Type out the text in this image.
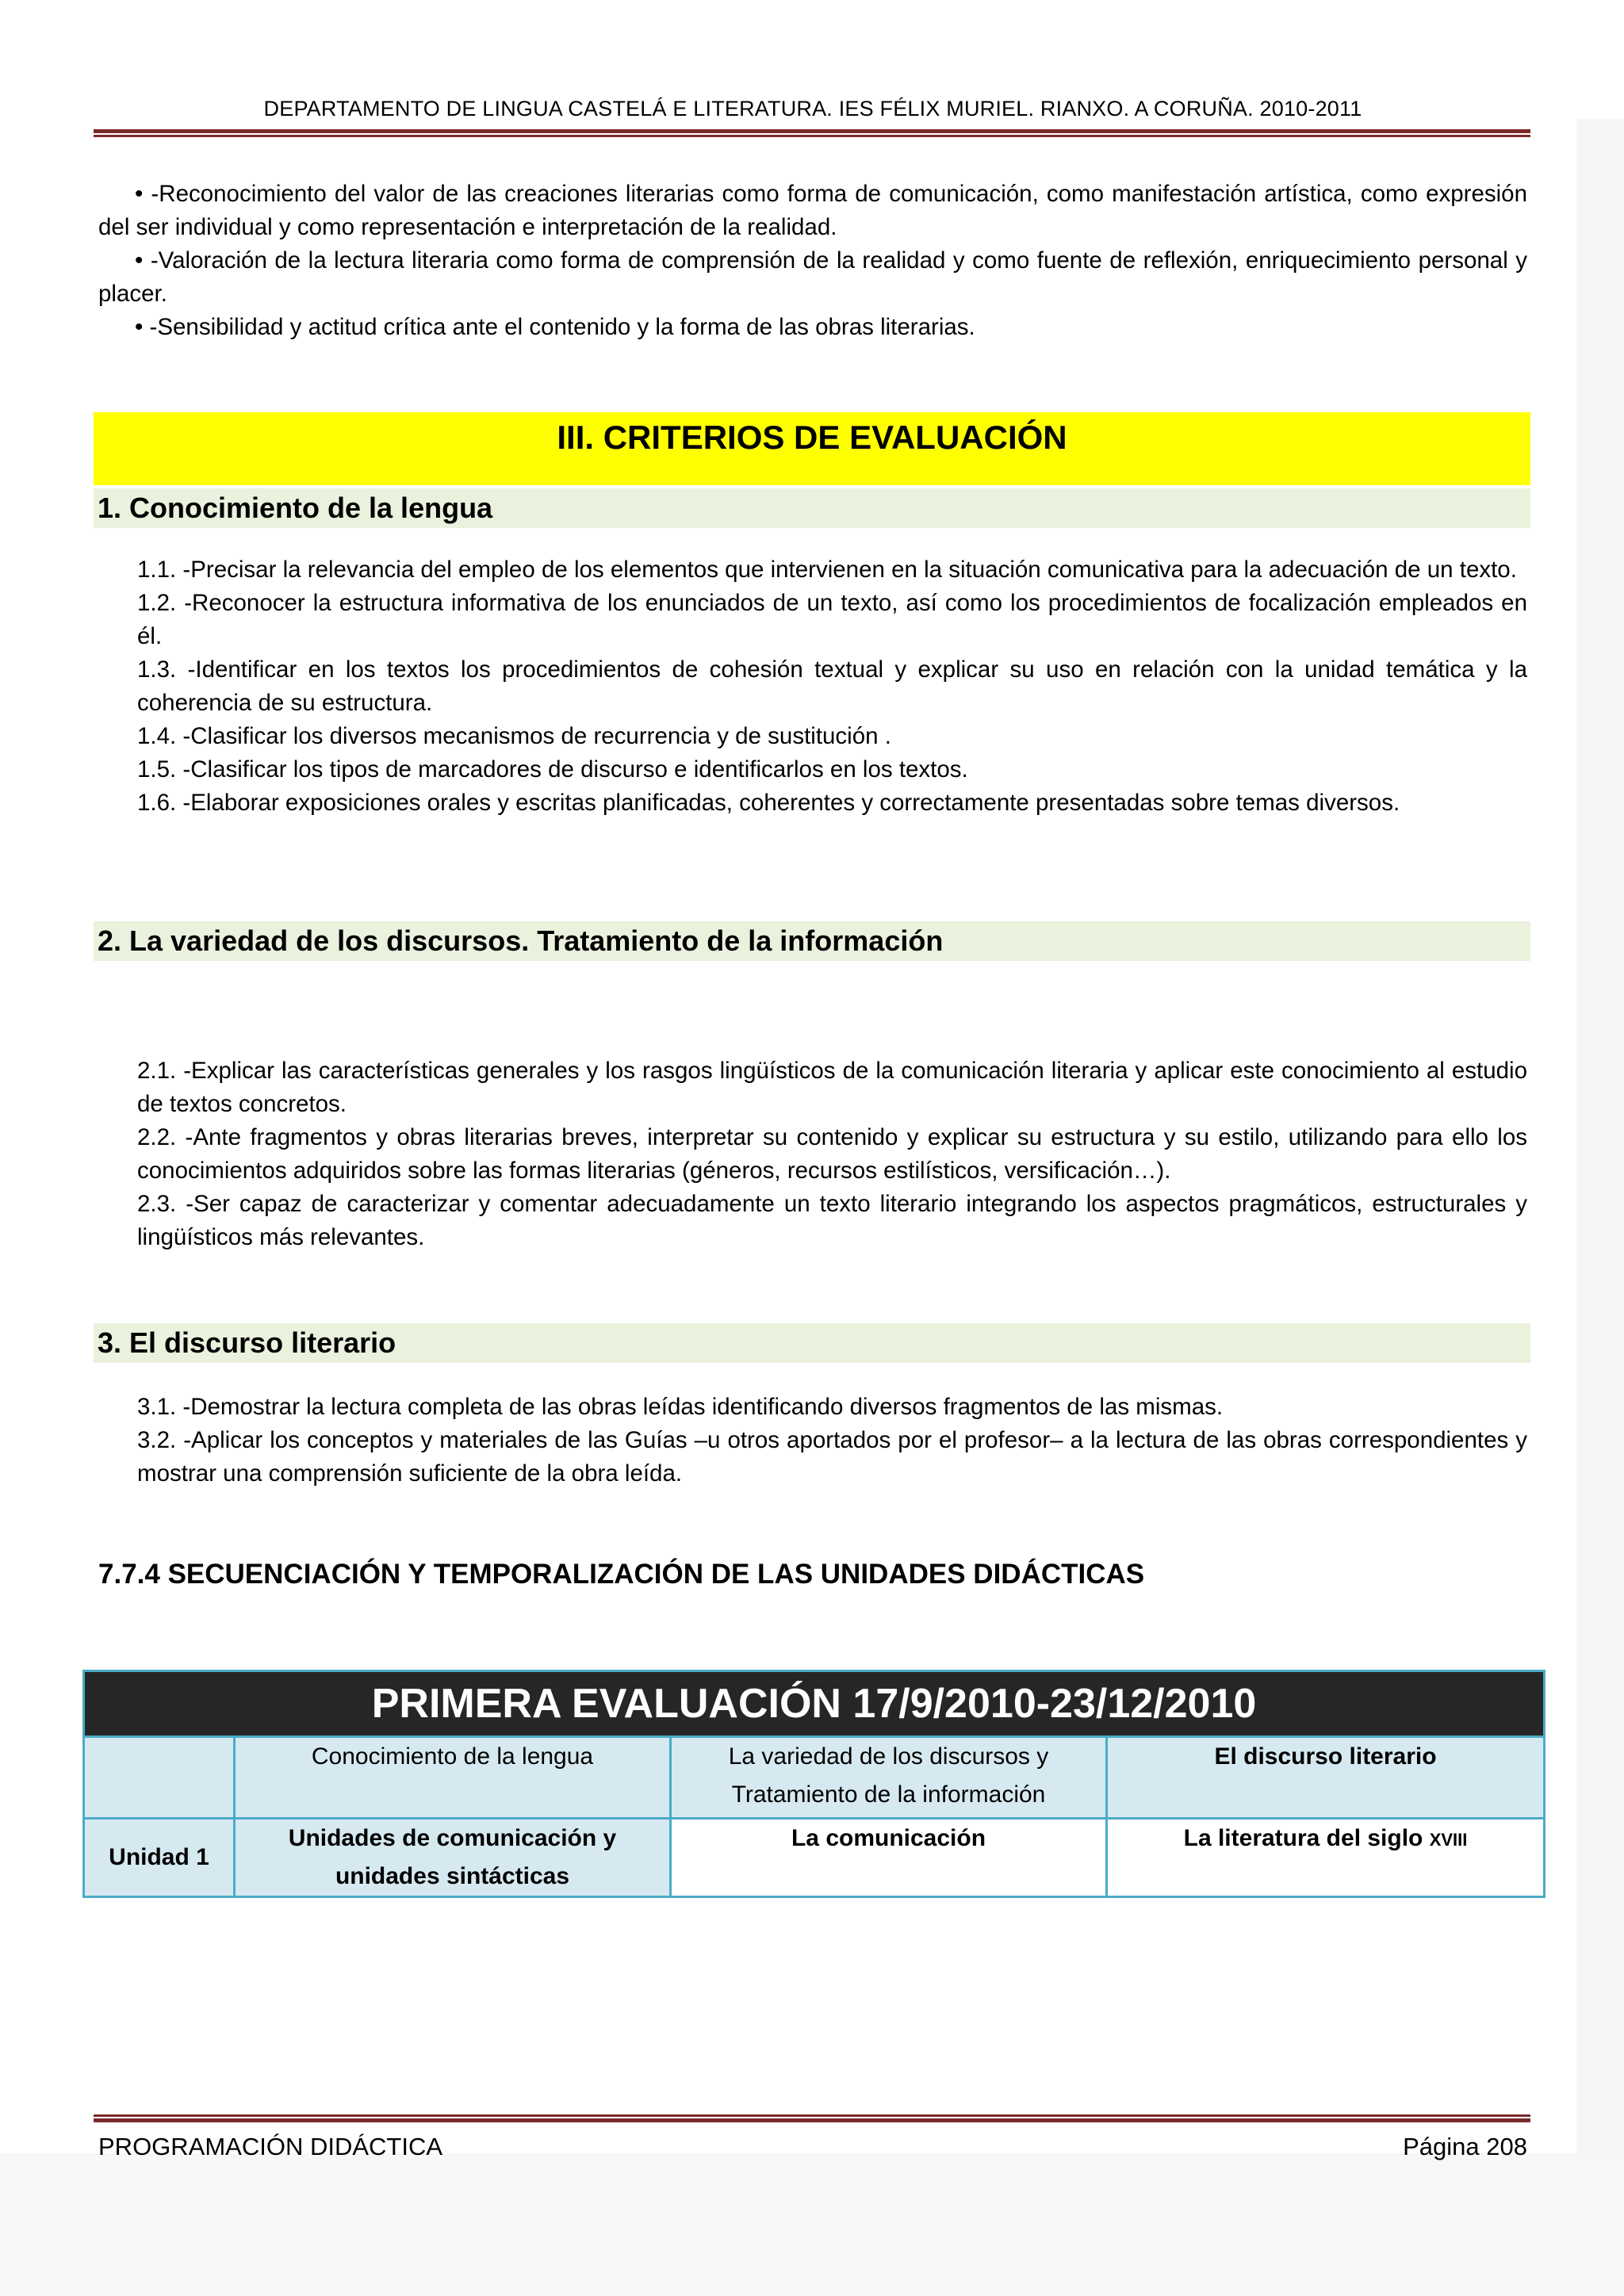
DEPARTAMENTO DE LINGUA CASTELÁ E LITERATURA. IES FÉLIX MURIEL. RIANXO. A CORUÑA. 2010-2011

• -Reconocimiento del valor de las creaciones literarias como forma de comunicación, como manifestación artística, como expresión del ser individual y como representación e interpretación de la realidad.

• -Valoración de la lectura literaria como forma de comprensión de la realidad y como fuente de reflexión, enriquecimiento personal y placer.

• -Sensibilidad y actitud crítica ante el contenido y la forma de las obras literarias.

III. CRITERIOS DE EVALUACIÓN
1. Conocimiento de la lengua
1.1. -Precisar la relevancia del empleo de los elementos que intervienen en la situación comunicativa para la adecuación de un texto.
1.2. -Reconocer la estructura informativa de los enunciados de un texto, así como los procedimientos de focalización empleados en él.
1.3. -Identificar en los textos los procedimientos de cohesión textual y explicar su uso en relación con la unidad temática y la coherencia de su estructura.
1.4. -Clasificar los diversos mecanismos de recurrencia y de sustitución .
1.5. -Clasificar los tipos de marcadores de discurso e identificarlos en los textos.
1.6. -Elaborar exposiciones orales y escritas planificadas, coherentes y correctamente presentadas sobre temas diversos.
2. La variedad de los discursos. Tratamiento de la información
2.1. -Explicar las características generales y los rasgos lingüísticos de la comunicación literaria y aplicar este conocimiento al estudio de textos concretos.
2.2. -Ante fragmentos y obras literarias breves, interpretar su contenido y explicar su estructura y su estilo, utilizando para ello los conocimientos adquiridos sobre las formas literarias (géneros, recursos estilísticos, versificación…).
2.3. -Ser capaz de caracterizar y comentar adecuadamente un texto literario integrando los aspectos pragmáticos, estructurales y lingüísticos más relevantes.
3. El discurso literario
3.1. -Demostrar la lectura completa de las obras leídas identificando diversos fragmentos de las mismas.
3.2. -Aplicar los conceptos y materiales de las Guías –u otros aportados por el profesor– a la lectura de las obras correspondientes y mostrar una comprensión suficiente de la obra leída.
7.7.4 SECUENCIACIÓN Y TEMPORALIZACIÓN DE LAS UNIDADES DIDÁCTICAS
PRIMERA EVALUACIÓN 17/9/2010-23/12/2010			
	Conocimiento de la lengua	La variedad de los discursos y Tratamiento de la información	El discurso literario
Unidad 1	Unidades de comunicación y unidades sintácticas	La comunicación	La literatura del siglo XVIII
PROGRAMACIÓN DIDÁCTICA	Página 208
